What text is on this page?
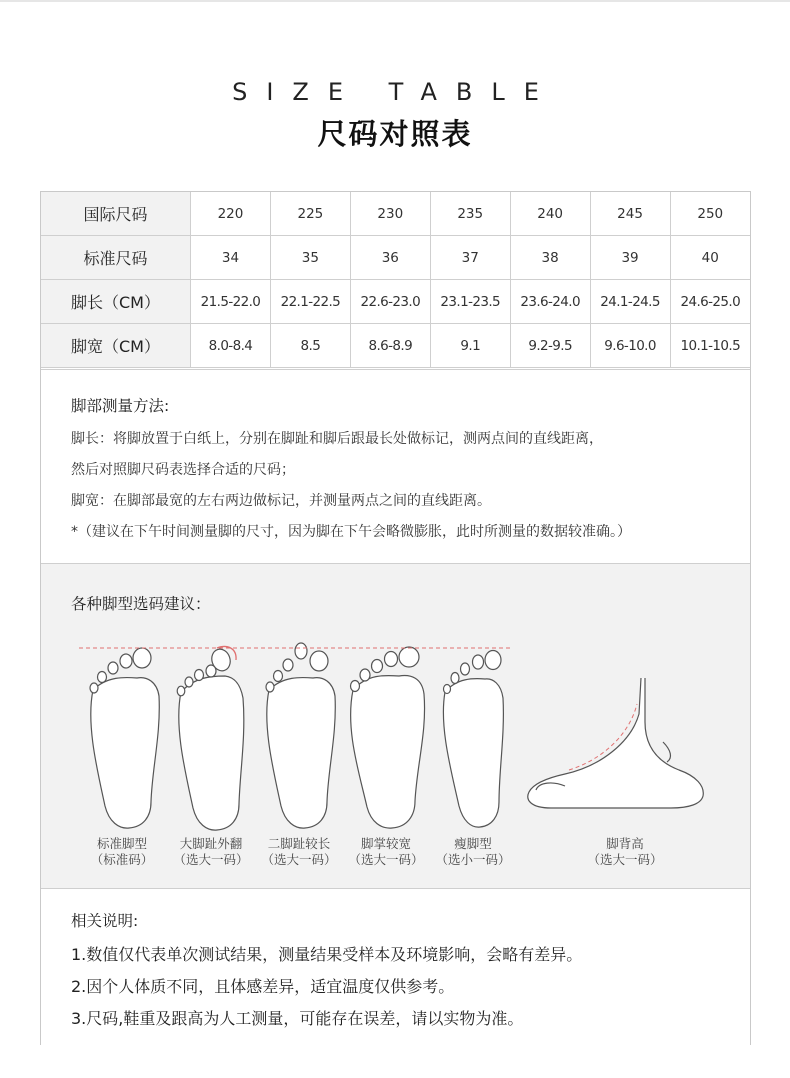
SIZE TABLE
尺码对照表
国际尺码	220	225	230	235	240	245	250
标准尺码	34	35	36	37	38	39	40
脚长（CM）	21.5-22.0	22.1-22.5	22.6-23.0	23.1-23.5	23.6-24.0	24.1-24.5	24.6-25.0
脚宽（CM）	8.0-8.4	8.5	8.6-8.9	9.1	9.2-9.5	9.6-10.0	10.1-10.5
脚部测量方法:
脚长：将脚放置于白纸上，分别在脚趾和脚后跟最长处做标记，测两点间的直线距离，
然后对照脚尺码表选择合适的尺码；
脚宽：在脚部最宽的左右两边做标记，并测量两点之间的直线距离。
*（建议在下午时间测量脚的尺寸，因为脚在下午会略微膨胀，此时所测量的数据较准确。）
各种脚型选码建议：
标准脚型
（标准码）
大脚趾外翻
（选大一码）
二脚趾较长
（选大一码）
脚掌较宽
（选大一码）
瘦脚型
（选小一码）
脚背高
（选大一码）
相关说明:
1.数值仅代表单次测试结果，测量结果受样本及环境影响，会略有差异。
2.因个人体质不同，且体感差异，适宜温度仅供参考。
3.尺码,鞋重及跟高为人工测量，可能存在误差，请以实物为准。
